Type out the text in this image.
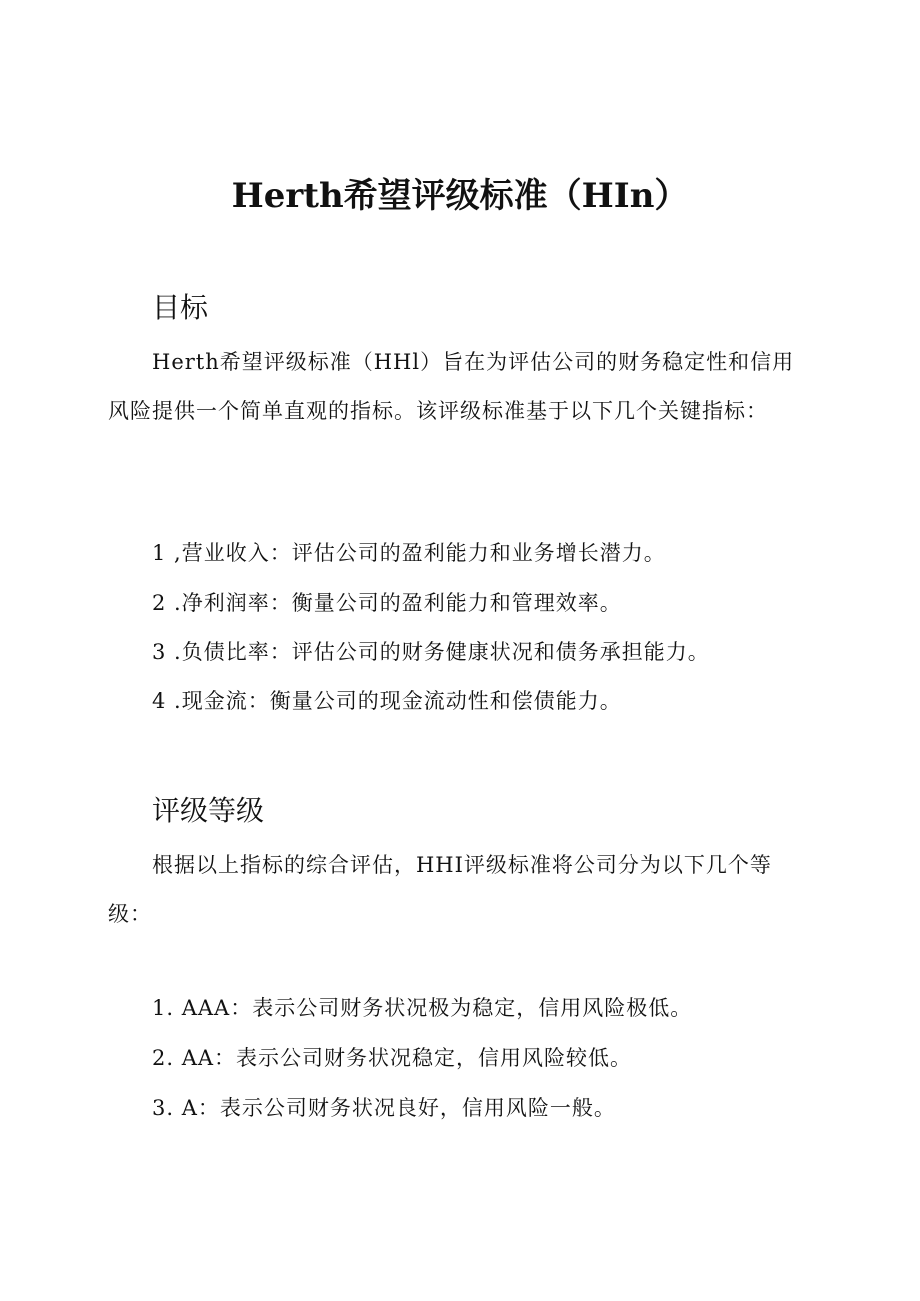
Herth希望评级标准（HIn）
目标
Herth希望评级标准（HHl）旨在为评估公司的财务稳定性和信用风险提供一个简单直观的指标。该评级标准基于以下几个关键指标：
1 ,营业收入：评估公司的盈利能力和业务增长潜力。
2 .净利润率：衡量公司的盈利能力和管理效率。
3 .负债比率：评估公司的财务健康状况和债务承担能力。
4 .现金流：衡量公司的现金流动性和偿债能力。
评级等级
根据以上指标的综合评估，HHI评级标准将公司分为以下几个等级：
1. AAA：表示公司财务状况极为稳定，信用风险极低。
2. AA：表示公司财务状况稳定，信用风险较低。
3. A：表示公司财务状况良好，信用风险一般。
